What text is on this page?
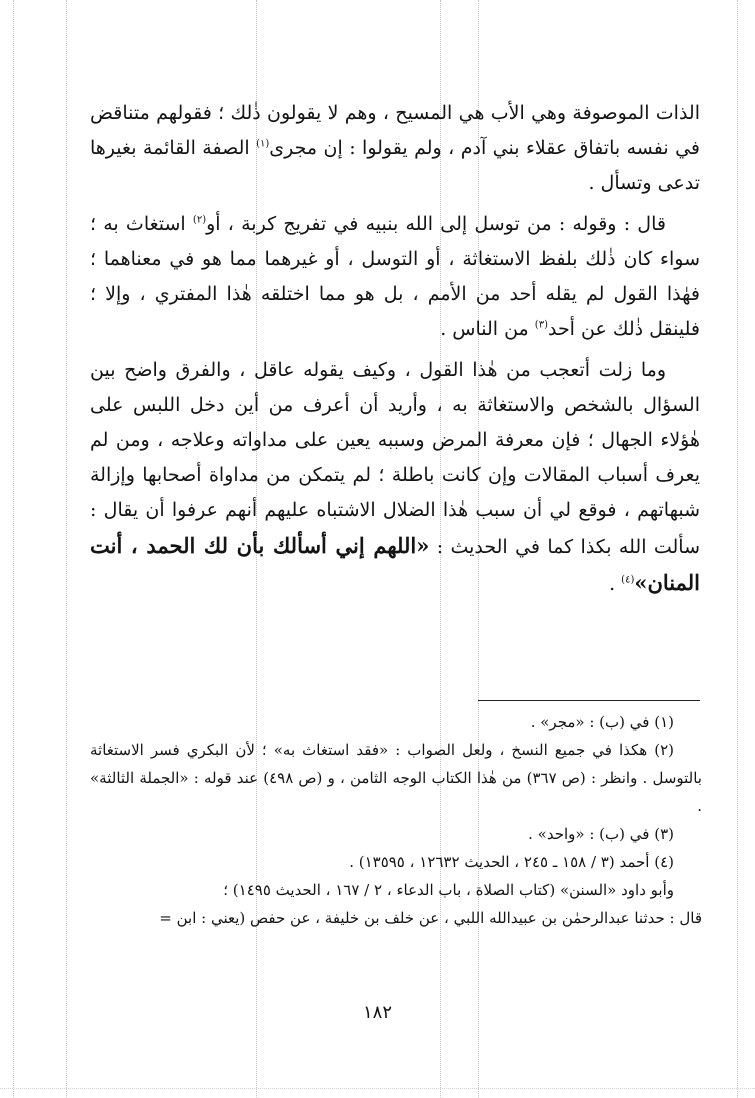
الذات الموصوفة وهي الأب هي المسيح ، وهم لا يقولون ذٰلك ؛ فقولهم متناقض في نفسه باتفاق عقلاء بني آدم ، ولم يقولوا : إن مجرى$^{(١)}$ الصفة القائمة بغيرها تدعى وتسأل .

قال : وقوله : من توسل إلى الله بنبيه في تفريج كربة ، أو$^{(٢)}$ استغاث به ؛ سواء كان ذٰلك بلفظ الاستغاثة ، أو التوسل ، أو غيرهما مما هو في معناهما ؛ فهٰذا القول لم يقله أحد من الأمم ، بل هو مما اختلقه هٰذا المفتري ، وإلا ؛ فلينقل ذٰلك عن أحد$^{(٣)}$ من الناس .

وما زلت أتعجب من هٰذا القول ، وكيف يقوله عاقل ، والفرق واضح بين السؤال بالشخص والاستغاثة به ، وأريد أن أعرف من أين دخل اللبس على هٰؤلاء الجهال ؛ فإن معرفة المرض وسببه يعين على مداواته وعلاجه ، ومن لم يعرف أسباب المقالات وإن كانت باطلة ؛ لم يتمكن من مداواة أصحابها وإزالة شبهاتهم ، فوقع لي أن سبب هٰذا الضلال الاشتباه عليهم أنهم عرفوا أن يقال : سألت الله بكذا كما في الحديث : «اللهم إني أسألك بأن لك الحمد ، أنت المنان»$^{(٤)}$ .

(١) في (ب) : «مجر» .

(٢) هكذا في جميع النسخ ، ولعل الصواب : «فقد استغاث به» ؛ لأن البكري فسر الاستغاثة بالتوسل . وانظر : (ص ٣٦٧) من هٰذا الكتاب الوجه الثامن ، و (ص ٤٩٨) عند قوله : «الجملة الثالثة» .

(٣) في (ب) : «واحد» .

(٤) أحمد (٣ / ١٥٨ ـ ٢٤٥ ، الحديث ١٢٦٣٢ ، ١٣٥٩٥) .

وأبو داود «السنن» (كتاب الصلاة ، باب الدعاء ، ٢ / ١٦٧ ، الحديث ١٤٩٥) ؛

قال : حدثنا عبدالرحمٰن بن عبيدالله اللبي ، عن خلف بن خليفة ، عن حفص (يعني : ابن =

١٨٢
